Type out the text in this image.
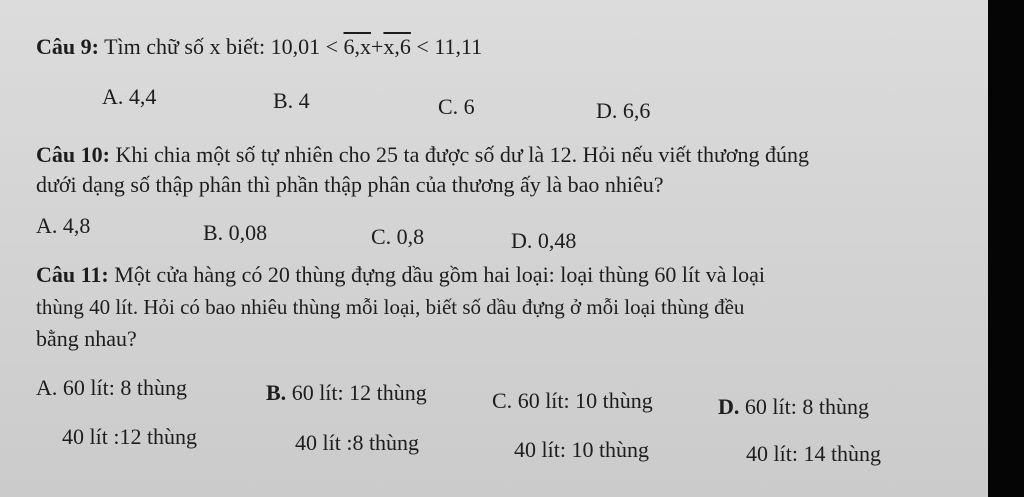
Câu 9: Tìm chữ số x biết: 10,01 < 6,x+x,6 < 11,11
A. 4,4	B. 4	C. 6	D. 6,6
Câu 10: Khi chia một số tự nhiên cho 25 ta được số dư là 12. Hỏi nếu viết thương đúng
dưới dạng số thập phân thì phần thập phân của thương ấy là bao nhiêu?
A. 4,8	B. 0,08	C. 0,8	D. 0,48
Câu 11: Một cửa hàng có 20 thùng đựng dầu gồm hai loại: loại thùng 60 lít và loại
thùng 40 lít. Hỏi có bao nhiêu thùng mỗi loại, biết số dầu đựng ở mỗi loại thùng đều
bằng nhau?
A. 60 lít: 8 thùng
40 lít :12 thùng
B. 60 lít: 12 thùng
40 lít :8 thùng
C. 60 lít: 10 thùng
40 lít: 10 thùng
D. 60 lít: 8 thùng
40 lít: 14 thùng
